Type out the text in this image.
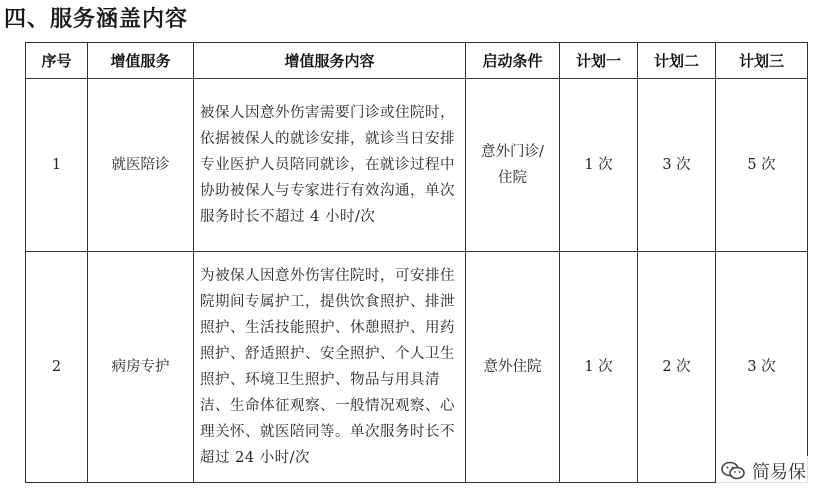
四、服务涵盖内容
序号	增值服务	增值服务内容	启动条件	计划一	计划二	计划三
1	就医陪诊	被保人因意外伤害需要门诊或住院时，依据被保人的就诊安排，就诊当日安排专业医护人员陪同就诊，在就诊过程中协助被保人与专家进行有效沟通，单次服务时长不超过 4 小时/次	意外门诊/住院	1 次	3 次	5 次
2	病房专护	为被保人因意外伤害住院时，可安排住院期间专属护工，提供饮食照护、排泄照护、生活技能照护、休憩照护、用药照护、舒适照护、安全照护、个人卫生照护、环境卫生照护、物品与用具清洁、生命体征观察、一般情况观察、心理关怀、就医陪同等。单次服务时长不超过 24 小时/次	意外住院	1 次	2 次	3 次
简易保
